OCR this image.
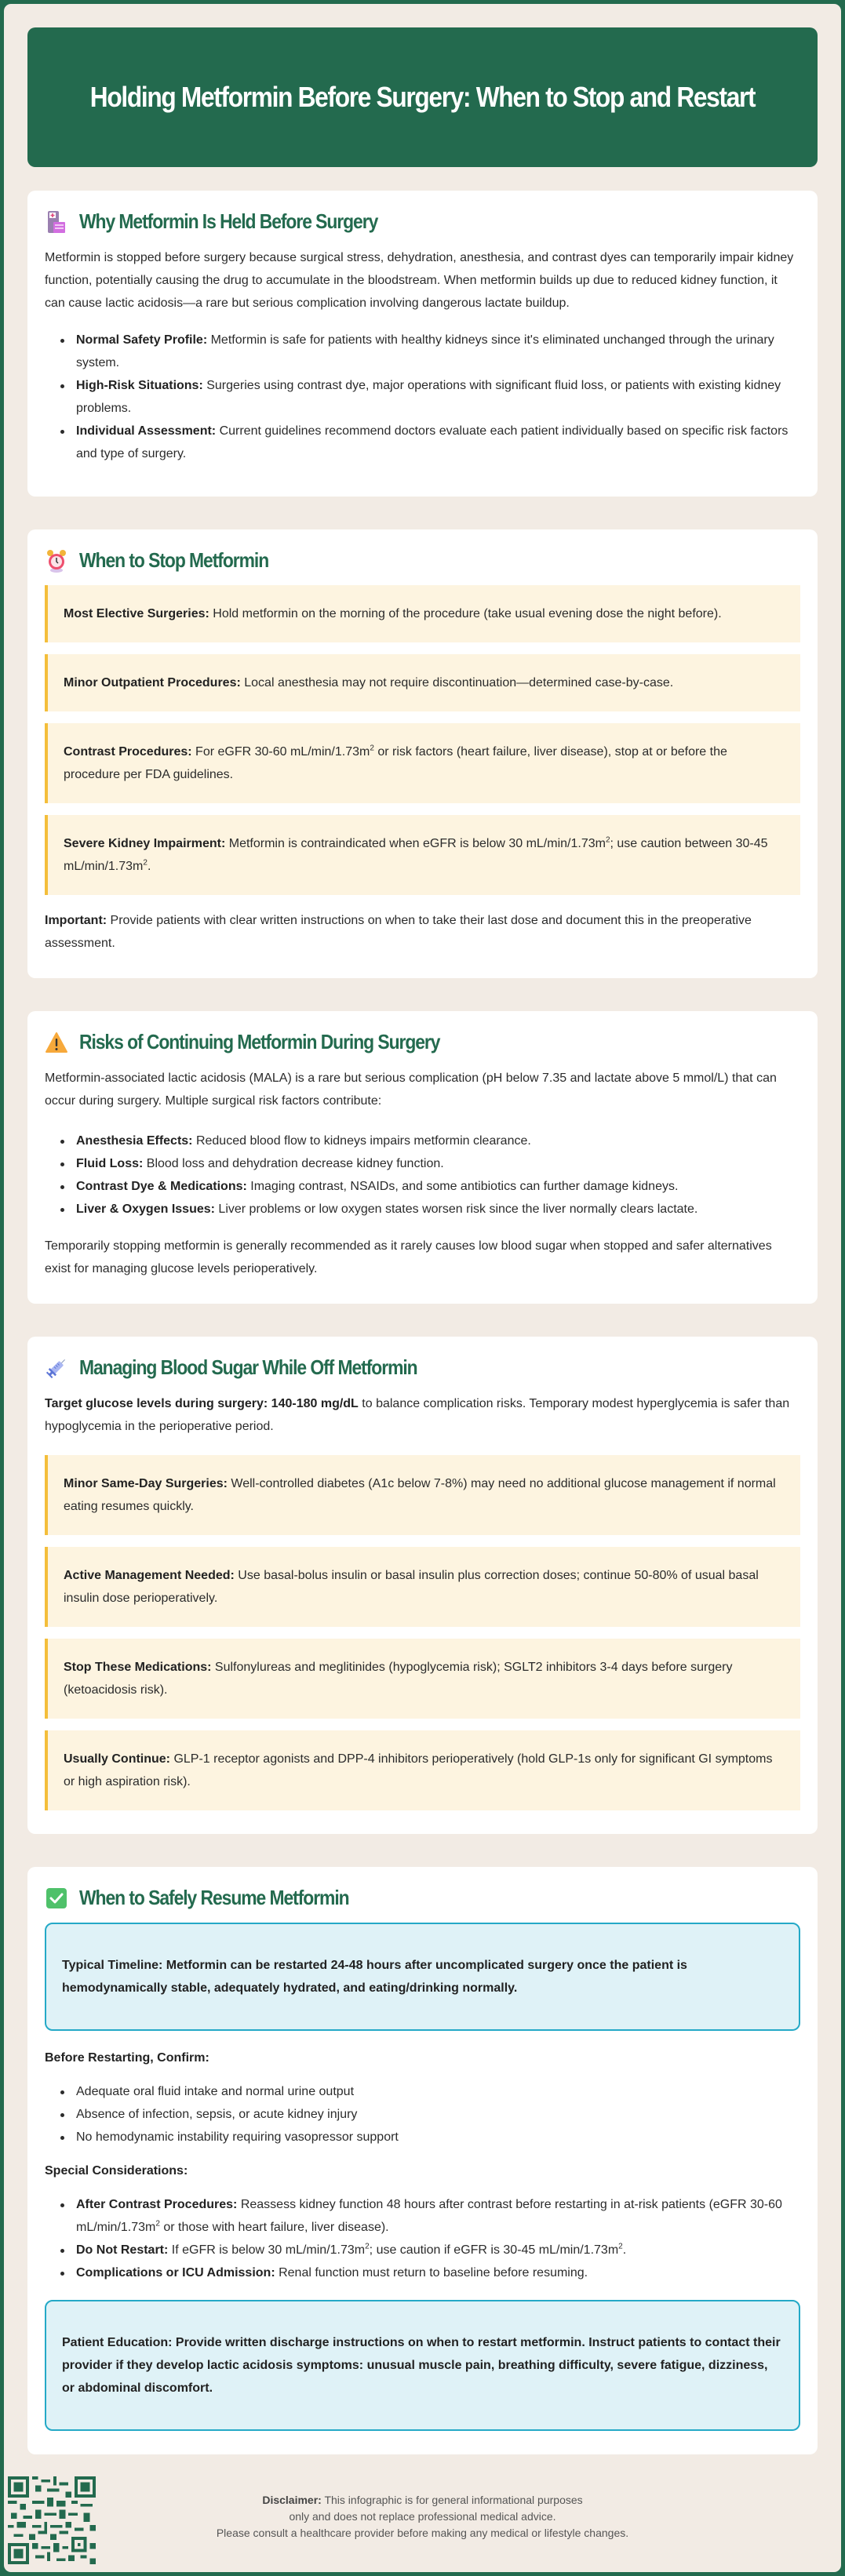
Holding Metformin Before Surgery: When to Stop and Restart
Why Metformin Is Held Before Surgery

Metformin is stopped before surgery because surgical stress, dehydration, anesthesia, and contrast dyes can temporarily impair kidney function, potentially causing the drug to accumulate in the bloodstream. When metformin builds up due to reduced kidney function, it can cause lactic acidosis—a rare but serious complication involving dangerous lactate buildup.

Normal Safety Profile: Metformin is safe for patients with healthy kidneys since it's eliminated unchanged through the urinary system.
High-Risk Situations: Surgeries using contrast dye, major operations with significant fluid loss, or patients with existing kidney problems.
Individual Assessment: Current guidelines recommend doctors evaluate each patient individually based on specific risk factors and type of surgery.
When to Stop Metformin
Most Elective Surgeries: Hold metformin on the morning of the procedure (take usual evening dose the night before).
Minor Outpatient Procedures: Local anesthesia may not require discontinuation—determined case-by-case.
Contrast Procedures: For eGFR 30-60 $mL/\min/1.73m^2$ or risk factors (heart failure, liver disease), stop at or before the procedure per FDA guidelines.
Severe Kidney Impairment: Metformin is contraindicated when eGFR is below 30 $mL/\min/1.73m^2$; use caution between 30-45 $mL/\min/1.73m^2$.

Important: Provide patients with clear written instructions on when to take their last dose and document this in the preoperative assessment.

Risks of Continuing Metformin During Surgery

Metformin-associated lactic acidosis (MALA) is a rare but serious complication (pH below 7.35 and lactate above 5 mmol/L) that can occur during surgery. Multiple surgical risk factors contribute:

Anesthesia Effects: Reduced blood flow to kidneys impairs metformin clearance.
Fluid Loss: Blood loss and dehydration decrease kidney function.
Contrast Dye & Medications: Imaging contrast, NSAIDs, and some antibiotics can further damage kidneys.
Liver & Oxygen Issues: Liver problems or low oxygen states worsen risk since the liver normally clears lactate.

Temporarily stopping metformin is generally recommended as it rarely causes low blood sugar when stopped and safer alternatives exist for managing glucose levels perioperatively.

Managing Blood Sugar While Off Metformin

Target glucose levels during surgery: 140-180 mg/dL to balance complication risks. Temporary modest hyperglycemia is safer than hypoglycemia in the perioperative period.

Minor Same-Day Surgeries: Well-controlled diabetes (A1c below 7-8%) may need no additional glucose management if normal eating resumes quickly.
Active Management Needed: Use basal-bolus insulin or basal insulin plus correction doses; continue 50-80% of usual basal insulin dose perioperatively.
Stop These Medications: Sulfonylureas and meglitinides (hypoglycemia risk); SGLT2 inhibitors 3-4 days before surgery (ketoacidosis risk).
Usually Continue: GLP-1 receptor agonists and DPP-4 inhibitors perioperatively (hold GLP-1s only for significant GI symptoms or high aspiration risk).
When to Safely Resume Metformin
Typical Timeline: Metformin can be restarted 24-48 hours after uncomplicated surgery once the patient is hemodynamically stable, adequately hydrated, and eating/drinking normally.
Before Restarting, Confirm:
Adequate oral fluid intake and normal urine output
Absence of infection, sepsis, or acute kidney injury
No hemodynamic instability requiring vasopressor support
Special Considerations:
After Contrast Procedures: Reassess kidney function 48 hours after contrast before restarting in at-risk patients (eGFR 30-60 $mL/\min/1.73m^2$ or those with heart failure, liver disease).
Do Not Restart: If eGFR is below 30 $mL/\min/1.73m^2$; use caution if eGFR is 30-45 $mL/\min/1.73m^2$.
Complications or ICU Admission: Renal function must return to baseline before resuming.
Patient Education: Provide written discharge instructions on when to restart metformin. Instruct patients to contact their provider if they develop lactic acidosis symptoms: unusual muscle pain, breathing difficulty, severe fatigue, dizziness, or abdominal discomfort.
Disclaimer: This infographic is for general informational purposes
only and does not replace professional medical advice.
Please consult a healthcare provider before making any medical or lifestyle changes.
